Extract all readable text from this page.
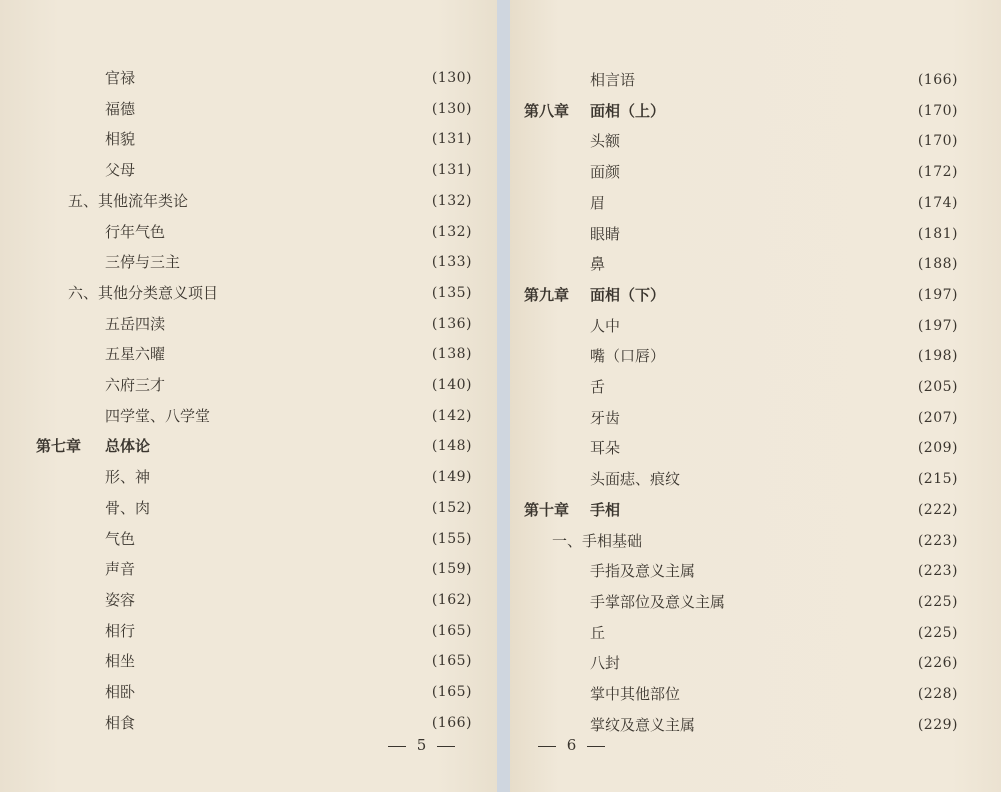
官禄	(130)
福德	(130)
相貌	(131)
父母	(131)
五、其他流年类论	(132)
行年气色	(132)
三停与三主	(133)
六、其他分类意义项目	(135)
五岳四渎	(136)
五星六曜	(138)
六府三才	(140)
四学堂、八学堂	(142)
第七章 总体论	(148)
形、神	(149)
骨、肉	(152)
气色	(155)
声音	(159)
姿容	(162)
相行	(165)
相坐	(165)
相卧	(165)
相食	(166)
相言语	(166)
第八章 面相（上）	(170)
头额	(170)
面颜	(172)
眉	(174)
眼睛	(181)
鼻	(188)
第九章 面相（下）	(197)
人中	(197)
嘴（口唇）	(198)
舌	(205)
牙齿	(207)
耳朵	(209)
头面痣、痕纹	(215)
第十章 手相	(222)
一、手相基础	(223)
手指及意义主属	(223)
手掌部位及意义主属	(225)
丘	(225)
八封	(226)
掌中其他部位	(228)
掌纹及意义主属	(229)
5	6
